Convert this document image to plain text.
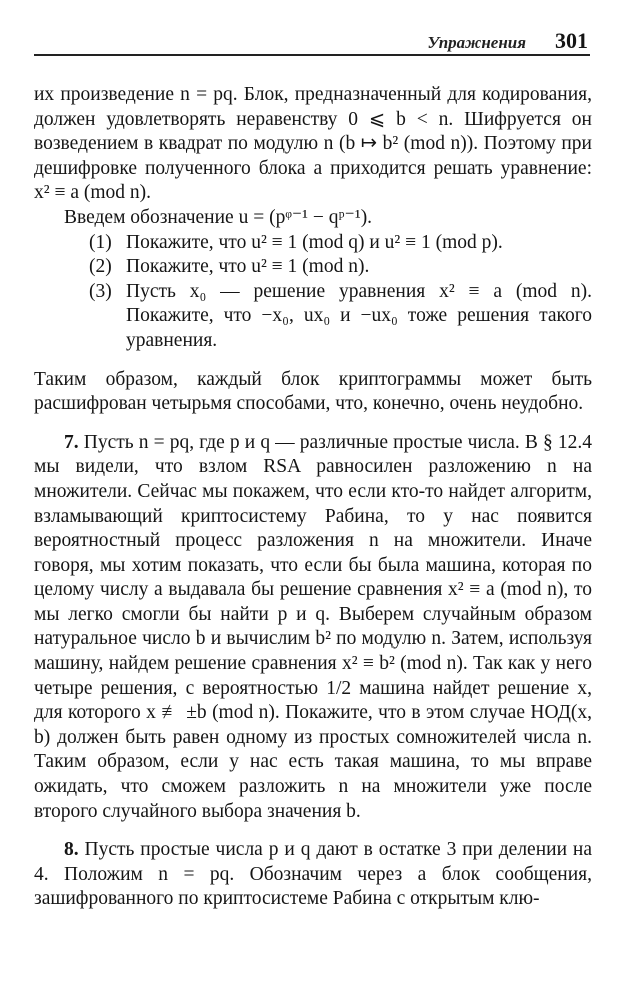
Упражнения 301

их произведение n = pq. Блок, предназначенный для кодирования, должен удовлетворять неравенству 0 ⩽ b < n. Шифруется он возведением в квадрат по модулю n (b ↦ b² (mod n)). Поэтому при дешифровке полученного блока a приходится решать уравнение: x² ≡ a (mod n).

Введем обозначение u = (pᵠ⁻¹ − qᵖ⁻¹).

(1) Покажите, что u² ≡ 1 (mod q) и u² ≡ 1 (mod p).

(2) Покажите, что u² ≡ 1 (mod n).

(3) Пусть x₀ — решение уравнения x² ≡ a (mod n). Покажите, что −x₀, ux₀ и −ux₀ тоже решения такого уравнения.

Таким образом, каждый блок криптограммы может быть расшифрован четырьмя способами, что, конечно, очень неудобно.

7. Пусть n = pq, где p и q — различные простые числа. В § 12.4 мы видели, что взлом RSA равносилен разложению n на множители. Сейчас мы покажем, что если кто-то найдет алгоритм, взламывающий криптосистему Рабина, то у нас появится вероятностный процесс разложения n на множители. Иначе говоря, мы хотим показать, что если бы была машина, которая по целому числу a выдавала бы решение сравнения x² ≡ a (mod n), то мы легко смогли бы найти p и q. Выберем случайным образом натуральное число b и вычислим b² по модулю n. Затем, используя машину, найдем решение сравнения x² ≡ b² (mod n). Так как у него четыре решения, с вероятностью 1/2 машина найдет решение x, для которого x ≢ ±b (mod n). Покажите, что в этом случае НОД(x, b) должен быть равен одному из простых сомножителей числа n. Таким образом, если у нас есть такая машина, то мы вправе ожидать, что сможем разложить n на множители уже после второго случайного выбора значения b.

8. Пусть простые числа p и q дают в остатке 3 при делении на 4. Положим n = pq. Обозначим через a блок сообщения, зашифрованного по криптосистеме Рабина с открытым клю-
